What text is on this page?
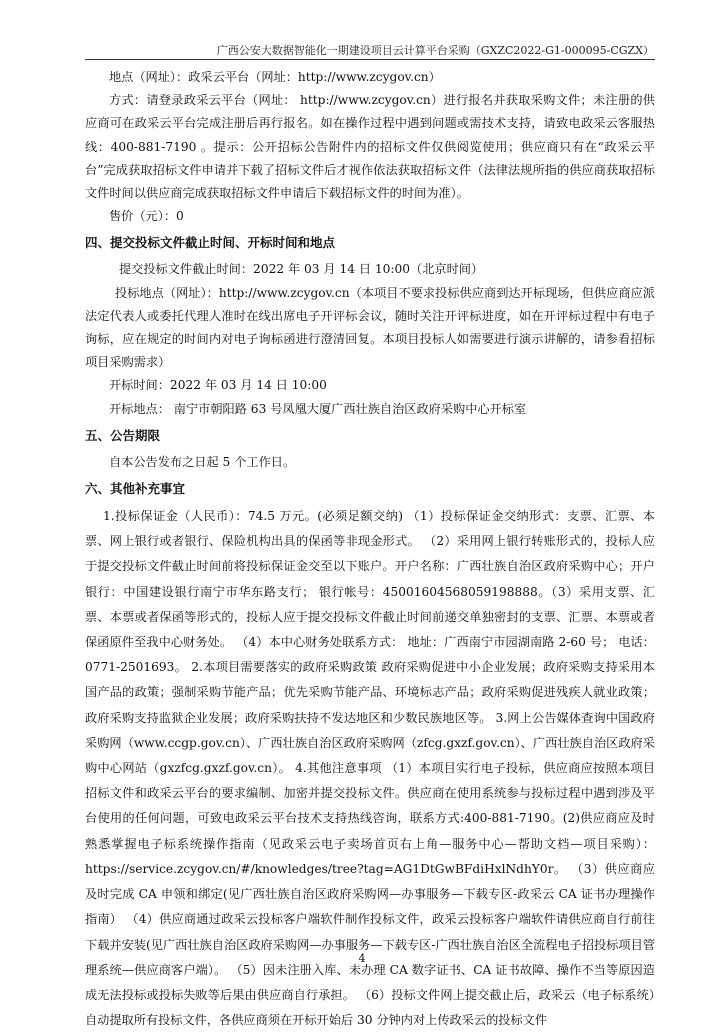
广西公安大数据智能化一期建设项目云计算平台采购（GXZC2022-G1-000095-CGZX）

地点（网址）：政采云平台（网址：http://www.zcygov.cn）

方式：请登录政采云平台（网址： http://www.zcygov.cn）进行报名并获取采购文件；未注册的供应商可在政采云平台完成注册后再行报名。如在操作过程中遇到问题或需技术支持，请致电政采云客服热线：400-881-7190 。提示：公开招标公告附件内的招标文件仅供阅览使用；供应商只有在“政采云平台”完成获取招标文件申请并下载了招标文件后才视作依法获取招标文件（法律法规所指的供应商获取招标文件时间以供应商完成获取招标文件申请后下载招标文件的时间为准）。

售价（元）：0

四、提交投标文件截止时间、开标时间和地点

提交投标文件截止时间：2022 年 03 月 14 日 10:00（北京时间）

投标地点（网址）：http://www.zcygov.cn（本项目不要求投标供应商到达开标现场，但供应商应派法定代表人或委托代理人准时在线出席电子开评标会议，随时关注开评标进度，如在开评标过程中有电子询标，应在规定的时间内对电子询标函进行澄清回复。本项目投标人如需要进行演示讲解的，请参看招标项目采购需求）

开标时间：2022 年 03 月 14 日 10:00

开标地点： 南宁市朝阳路 63 号凤凰大厦广西壮族自治区政府采购中心开标室

五、公告期限

自本公告发布之日起 5 个工作日。

六、其他补充事宜

1.投标保证金（人民币）：74.5 万元。(必须足额交纳) （1）投标保证金交纳形式：支票、汇票、本票、网上银行或者银行、保险机构出具的保函等非现金形式。 （2）采用网上银行转账形式的，投标人应于提交投标文件截止时间前将投标保证金交至以下账户。开户名称：广西壮族自治区政府采购中心；开户银行：中国建设银行南宁市华东路支行； 银行帐号：45001604568059198888。（3）采用支票、汇票、本票或者保函等形式的，投标人应于提交投标文件截止时间前递交单独密封的支票、汇票、本票或者保函原件至我中心财务处。 （4）本中心财务处联系方式： 地址：广西南宁市园湖南路 2-60 号； 电话：0771-2501693。 2.本项目需要落实的政府采购政策 政府采购促进中小企业发展；政府采购支持采用本国产品的政策；强制采购节能产品；优先采购节能产品、环境标志产品；政府采购促进残疾人就业政策；政府采购支持监狱企业发展；政府采购扶持不发达地区和少数民族地区等。 3.网上公告媒体查询中国政府采购网（www.ccgp.gov.cn）、广西壮族自治区政府采购网（zfcg.gxzf.gov.cn）、广西壮族自治区政府采购中心网站（gxzfcg.gxzf.gov.cn）。 4.其他注意事项 （1）本项目实行电子投标，供应商应按照本项目招标文件和政采云平台的要求编制、加密并提交投标文件。供应商在使用系统参与投标过程中遇到涉及平台使用的任何问题，可致电政采云平台技术支持热线咨询，联系方式:400-881-7190。(2)供应商应及时熟悉掌握电子标系统操作指南（见政采云电子卖场首页右上角—服务中心—帮助文档—项目采购）：https://service.zcygov.cn/#/knowledges/tree?tag=AG1DtGwBFdiHxlNdhY0r。 （3）供应商应及时完成 CA 申领和绑定(见广西壮族自治区政府采购网—办事服务—下载专区-政采云 CA 证书办理操作指南） （4）供应商通过政采云投标客户端软件制作投标文件，政采云投标客户端软件请供应商自行前往下载并安装(见广西壮族自治区政府采购网—办事服务—下载专区-广西壮族自治区全流程电子招投标项目管理系统—供应商客户端）。 （5）因未注册入库、未办理 CA 数字证书、CA 证书故障、操作不当等原因造成无法投标或投标失败等后果由供应商自行承担。 （6）投标文件网上提交截止后，政采云（电子标系统）自动提取所有投标文件，各供应商须在开标开始后 30 分钟内对上传政采云的投标文件

4
